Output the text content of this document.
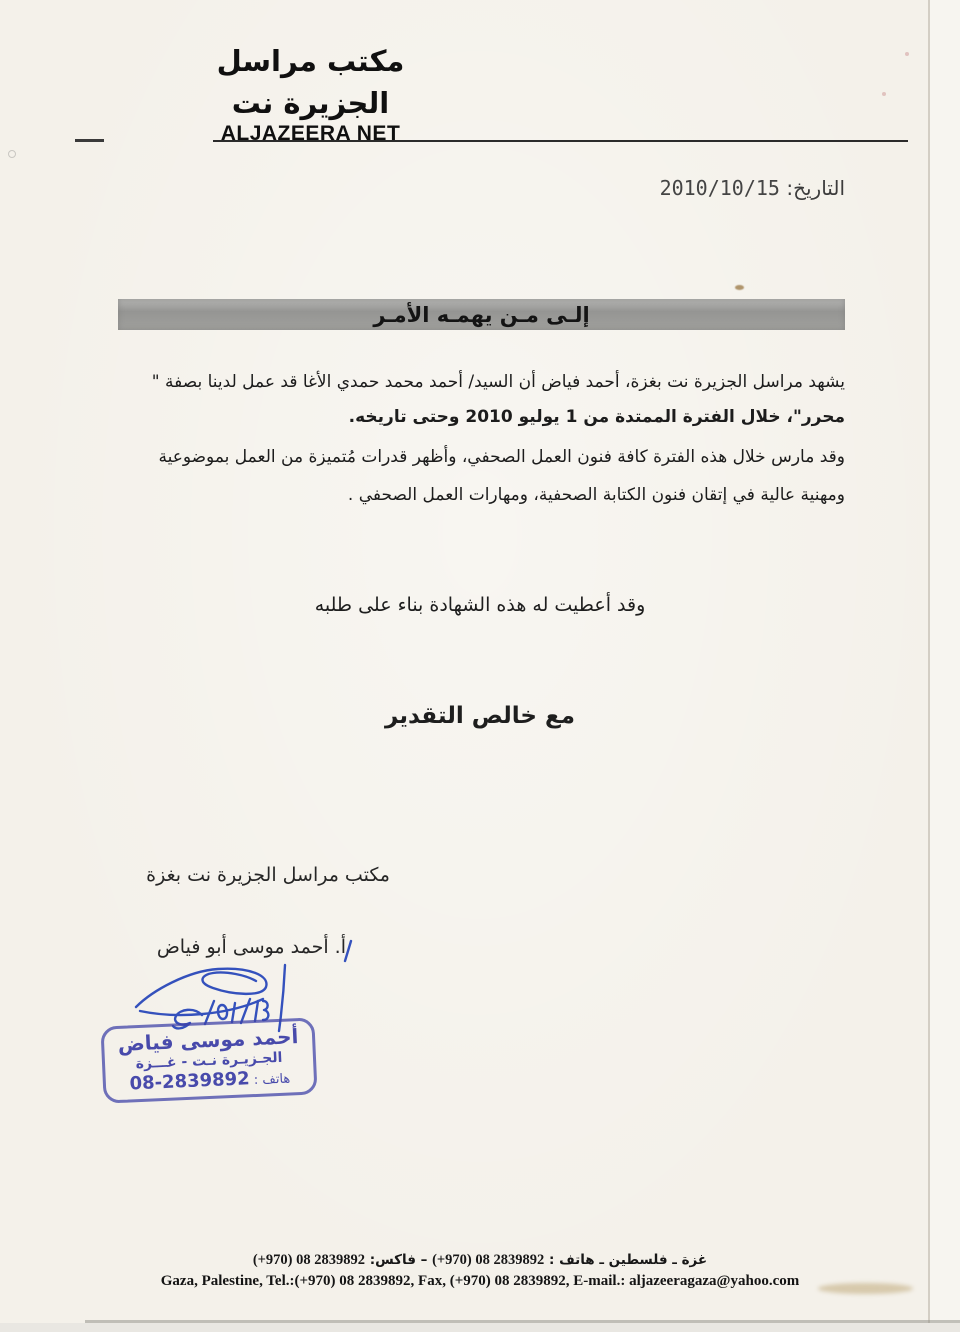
مكتب مراسل
الجزيرة نت
ALJAZEERA NET
التاريخ: 2010/10/15
إلـى مـن يهمـه الأمـر
يشهد مراسل الجزيرة نت بغزة، أحمد فياض أن السيد/ أحمد محمد حمدي الأغا قد عمل لدينا بصفة "
محرر"، خلال الفترة الممتدة من 1 يوليو 2010 وحتى تاريخه.
وقد مارس خلال هذه الفترة كافة فنون العمل الصحفي، وأظهر قدرات مُتميزة من العمل بموضوعية
ومهنية عالية في إتقان فنون الكتابة الصحفية، ومهارات العمل الصحفي .
وقد أعطيت له هذه الشهادة بناء على طلبه
مع خالص التقدير
مكتب مراسل الجزيرة نت بغزة
أ. أحمد موسى أبو فياض
أحمد موسى فياض
الجـزيـرة نـت - غـــزة
هاتف : 08-2839892
غزة ـ فلسطين ـ هاتف : (+970) 08 2839892 – فاكس: (+970) 08 2839892
Gaza, Palestine, Tel.:(+970) 08 2839892, Fax, (+970) 08 2839892, E-mail.: aljazeeragaza@yahoo.com
